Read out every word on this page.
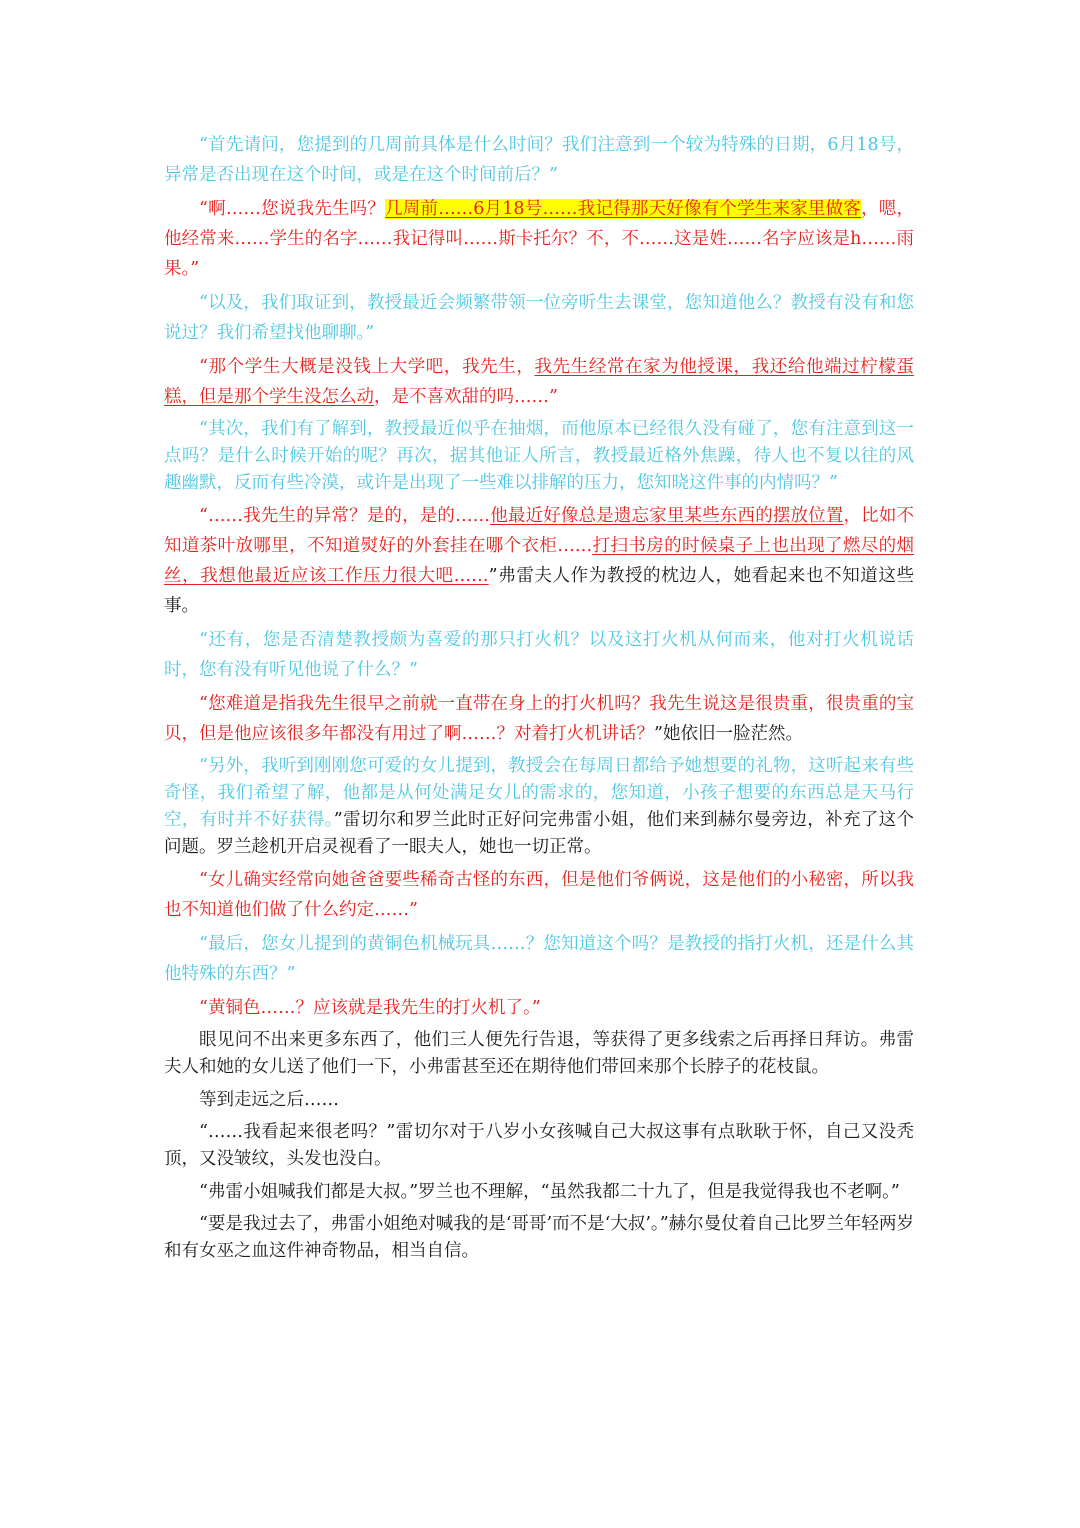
“首先请问，您提到的几周前具体是什么时间？我们注意到一个较为特殊的日期，6月18号，异常是否出现在这个时间，或是在这个时间前后？”

“啊……您说我先生吗？几周前……6月18号……我记得那天好像有个学生来家里做客，嗯，他经常来……学生的名字……我记得叫……斯卡托尔？不，不……这是姓……名字应该是h……雨果。”

“以及，我们取证到，教授最近会频繁带领一位旁听生去课堂，您知道他么？教授有没有和您说过？我们希望找他聊聊。”

“那个学生大概是没钱上大学吧，我先生，我先生经常在家为他授课，我还给他端过柠檬蛋糕，但是那个学生没怎么动，是不喜欢甜的吗……”

“其次，我们有了解到，教授最近似乎在抽烟，而他原本已经很久没有碰了，您有注意到这一点吗？是什么时候开始的呢？再次，据其他证人所言，教授最近格外焦躁，待人也不复以往的风趣幽默，反而有些冷漠，或许是出现了一些难以排解的压力，您知晓这件事的内情吗？”

“……我先生的异常？是的，是的……他最近好像总是遗忘家里某些东西的摆放位置，比如不知道茶叶放哪里，不知道熨好的外套挂在哪个衣柜……打扫书房的时候桌子上也出现了燃尽的烟丝，我想他最近应该工作压力很大吧……”弗雷夫人作为教授的枕边人，她看起来也不知道这些事。

“还有，您是否清楚教授颇为喜爱的那只打火机？以及这打火机从何而来，他对打火机说话时，您有没有听见他说了什么？”

“您难道是指我先生很早之前就一直带在身上的打火机吗？我先生说这是很贵重，很贵重的宝贝，但是他应该很多年都没有用过了啊……？对着打火机讲话？”她依旧一脸茫然。

“另外，我听到刚刚您可爱的女儿提到，教授会在每周日都给予她想要的礼物，这听起来有些奇怪，我们希望了解，他都是从何处满足女儿的需求的，您知道，小孩子想要的东西总是天马行空，有时并不好获得。”雷切尔和罗兰此时正好问完弗雷小姐，他们来到赫尔曼旁边，补充了这个问题。罗兰趁机开启灵视看了一眼夫人，她也一切正常。

“女儿确实经常向她爸爸要些稀奇古怪的东西，但是他们爷俩说，这是他们的小秘密，所以我也不知道他们做了什么约定……”

“最后，您女儿提到的黄铜色机械玩具……？您知道这个吗？是教授的指打火机，还是什么其他特殊的东西？”

“黄铜色……？应该就是我先生的打火机了。”

眼见问不出来更多东西了，他们三人便先行告退，等获得了更多线索之后再择日拜访。弗雷夫人和她的女儿送了他们一下，小弗雷甚至还在期待他们带回来那个长脖子的花枝鼠。

等到走远之后……

“……我看起来很老吗？”雷切尔对于八岁小女孩喊自己大叔这事有点耿耿于怀，自己又没秃顶，又没皱纹，头发也没白。

“弗雷小姐喊我们都是大叔。”罗兰也不理解，“虽然我都二十九了，但是我觉得我也不老啊。”

“要是我过去了，弗雷小姐绝对喊我的是‘哥哥’而不是‘大叔’。”赫尔曼仗着自己比罗兰年轻两岁和有女巫之血这件神奇物品，相当自信。
